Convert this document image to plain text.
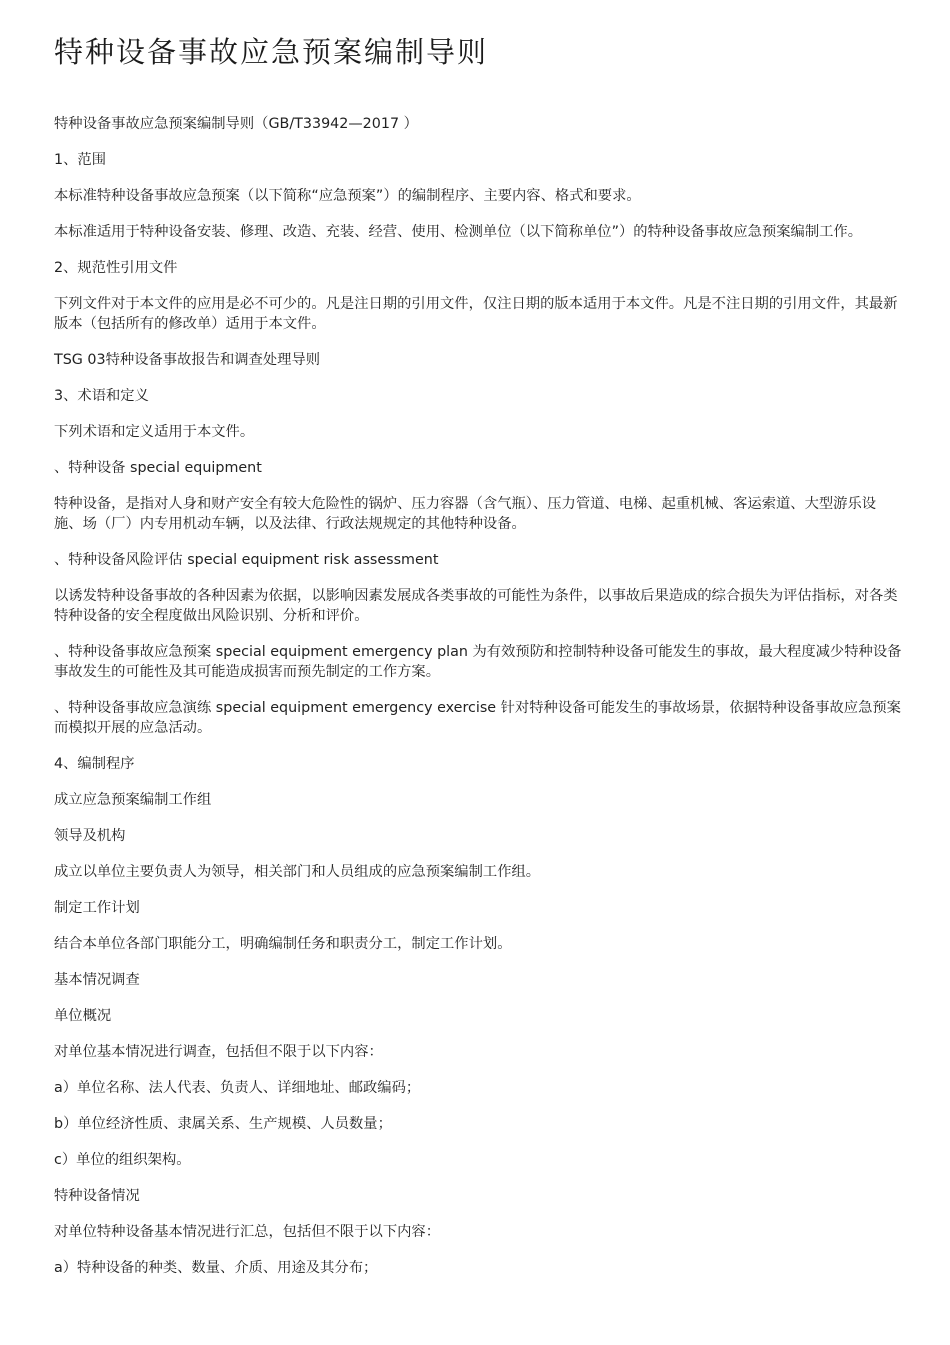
特种设备事故应急预案编制导则

特种设备事故应急预案编制导则（GB/T33942—2017 ）

1、范围

本标准特种设备事故应急预案（以下简称“应急预案”）的编制程序、主要内容、格式和要求。

本标准适用于特种设备安装、修理、改造、充装、经营、使用、检测单位（以下简称单位”）的特种设备事故应急预案编制工作。

2、规范性引用文件

下列文件对于本文件的应用是必不可少的。凡是注日期的引用文件，仅注日期的版本适用于本文件。凡是不注日期的引用文件，其最新版本（包括所有的修改单）适用于本文件。

TSG 03特种设备事故报告和调查处理导则

3、术语和定义

下列术语和定义适用于本文件。

、特种设备 special equipment

特种设备，是指对人身和财产安全有较大危险性的锅炉、压力容器（含气瓶）、压力管道、电梯、起重机械、客运索道、大型游乐设施、场（厂）内专用机动车辆，以及法律、行政法规规定的其他特种设备。

、特种设备风险评估 special equipment risk assessment

以诱发特种设备事故的各种因素为依据，以影响因素发展成各类事故的可能性为条件，以事故后果造成的综合损失为评估指标，对各类特种设备的安全程度做出风险识别、分析和评价。

、特种设备事故应急预案 special equipment emergency plan 为有效预防和控制特种设备可能发生的事故，最大程度减少特种设备事故发生的可能性及其可能造成损害而预先制定的工作方案。

、特种设备事故应急演练 special equipment emergency exercise 针对特种设备可能发生的事故场景，依据特种设备事故应急预案而模拟开展的应急活动。

4、编制程序

成立应急预案编制工作组

领导及机构

成立以单位主要负责人为领导，相关部门和人员组成的应急预案编制工作组。

制定工作计划

结合本单位各部门职能分工，明确编制任务和职责分工，制定工作计划。

基本情况调查

单位概况

对单位基本情况进行调查，包括但不限于以下内容：

a）单位名称、法人代表、负责人、详细地址、邮政编码；

b）单位经济性质、隶属关系、生产规模、人员数量；

c）单位的组织架构。

特种设备情况

对单位特种设备基本情况进行汇总，包括但不限于以下内容：

a）特种设备的种类、数量、介质、用途及其分布；
